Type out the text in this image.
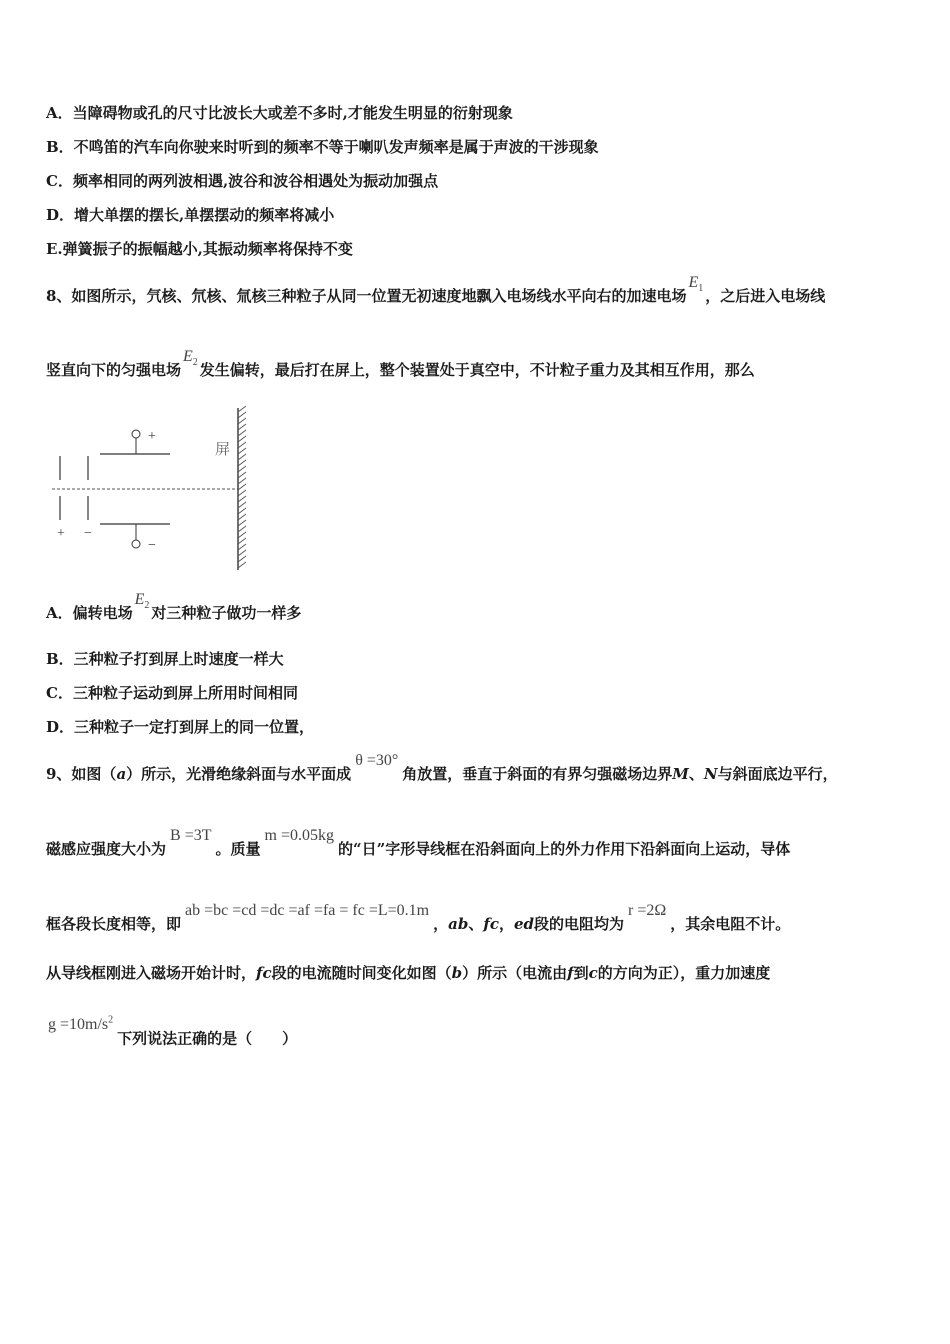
A．当障碍物或孔的尺寸比波长大或差不多时,才能发生明显的衍射现象
B．不鸣笛的汽车向你驶来时听到的频率不等于喇叭发声频率是属于声波的干涉现象
C．频率相同的两列波相遇,波谷和波谷相遇处为振动加强点
D．增大单摆的摆长,单摆摆动的频率将减小
E.弹簧振子的振幅越小,其振动频率将保持不变
8、如图所示，氕核、氘核、氚核三种粒子从同一位置无初速度地飘入电场线水平向右的加速电场$E_1$ ，之后进入电场线
竖直向下的匀强电场$E_2$ 发生偏转，最后打在屏上，整个装置处于真空中，不计粒子重力及其相互作用，那么
+ −
+
−
屏
A．偏转电场$E_2$ 对三种粒子做功一样多
B．三种粒子打到屏上时速度一样大
C．三种粒子运动到屏上所用时间相同
D．三种粒子一定打到屏上的同一位置，
9、如图（a）所示，光滑绝缘斜面与水平面成θ =30°角放置，垂直于斜面的有界匀强磁场边界M、N与斜面底边平行，
磁感应强度大小为B =3T。质量m =0.05kg的“日”字形导线框在沿斜面向上的外力作用下沿斜面向上运动，导体
框各段长度相等，即ab =bc =cd =dc =af =fa = fc =L=0.1m，ab、fc，ed段的电阻均为r =2Ω，其余电阻不计。
从导线框刚进入磁场开始计时，fc段的电流随时间变化如图（b）所示（电流由f到c的方向为正），重力加速度
$g =10m/s^2$下列说法正确的是（　　）
